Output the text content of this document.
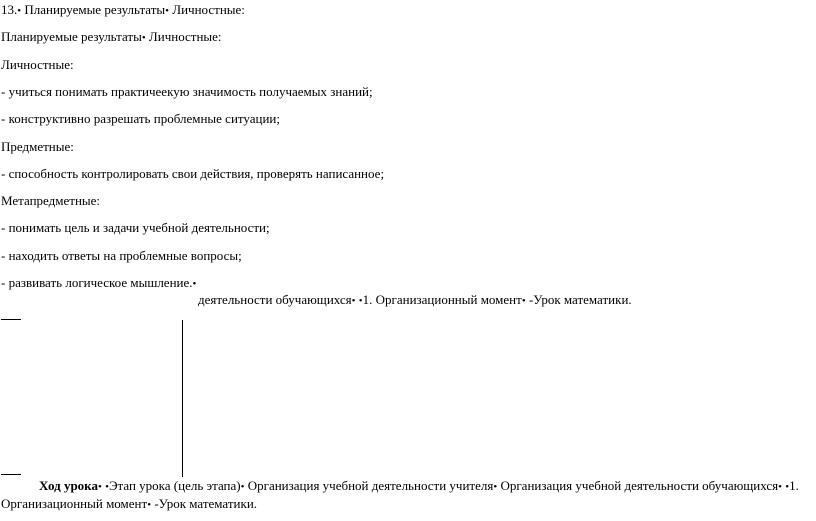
13.• Планируемые результаты• Личностные:
Планируемые результаты• Личностные:
Личностные:
- учиться понимать практичеекую значимость получаемых знаний;
- конструктивно разрешать проблемные ситуации;
Предметные:
- способность контролировать свои действия, проверять написанное;
Метапредметные:
- понимать цель и задачи учебной деятельности;
- находить ответы на проблемные вопросы;
- развивать логическое мышление.•
деятельности обучающихся• •1. Организационный момент• -Урок математики.
Ход урока• •Этап урока (цель этапа)• Организация учебной деятельности учителя• Организация учебной деятельности обучающихся• •1.
Организационный момент• -Урок математики.
